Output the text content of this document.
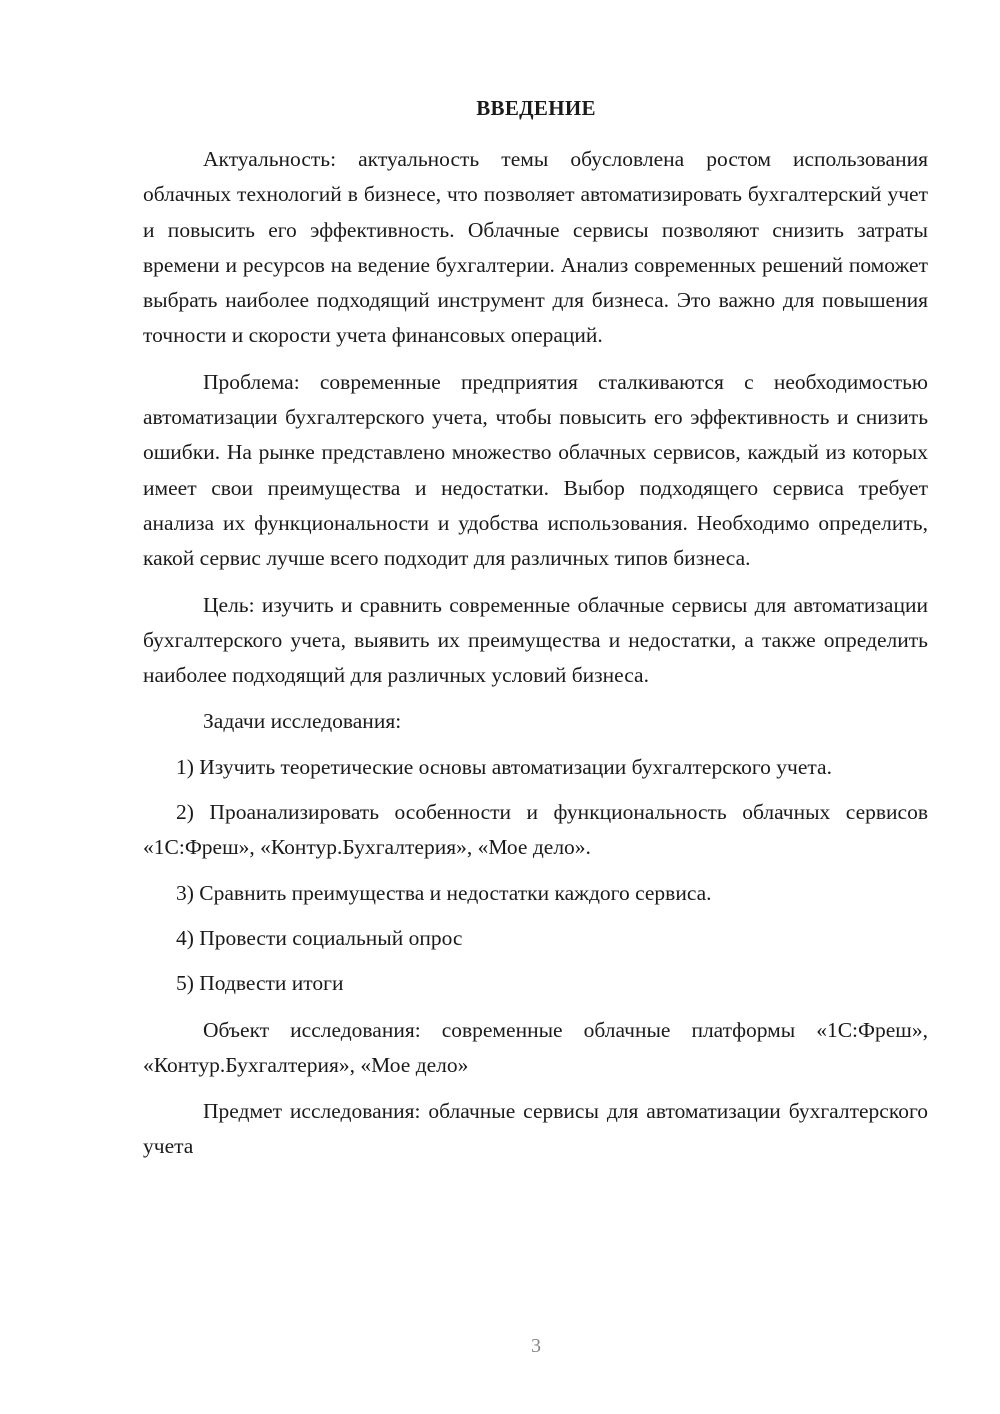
ВВЕДЕНИЕ

Актуальность: актуальность темы обусловлена ростом использования облачных технологий в бизнесе, что позволяет автоматизировать бухгалтерский учет и повысить его эффективность. Облачные сервисы позволяют снизить затраты времени и ресурсов на ведение бухгалтерии. Анализ современных решений поможет выбрать наиболее подходящий инструмент для бизнеса. Это важно для повышения точности и скорости учета финансовых операций.

Проблема: современные предприятия сталкиваются с необходимостью автоматизации бухгалтерского учета, чтобы повысить его эффективность и снизить ошибки. На рынке представлено множество облачных сервисов, каждый из которых имеет свои преимущества и недостатки. Выбор подходящего сервиса требует анализа их функциональности и удобства использования. Необходимо определить, какой сервис лучше всего подходит для различных типов бизнеса.

Цель: изучить и сравнить современные облачные сервисы для автоматизации бухгалтерского учета, выявить их преимущества и недостатки, а также определить наиболее подходящий для различных условий бизнеса.

Задачи исследования:

1) Изучить теоретические основы автоматизации бухгалтерского учета.

2) Проанализировать особенности и функциональность облачных сервисов «1С:Фреш», «Контур.Бухгалтерия», «Мое дело».

3) Сравнить преимущества и недостатки каждого сервиса.

4) Провести социальный опрос

5) Подвести итоги

Объект исследования: современные облачные платформы «1С:Фреш», «Контур.Бухгалтерия», «Мое дело»

Предмет исследования: облачные сервисы для автоматизации бухгалтерского учета

3
